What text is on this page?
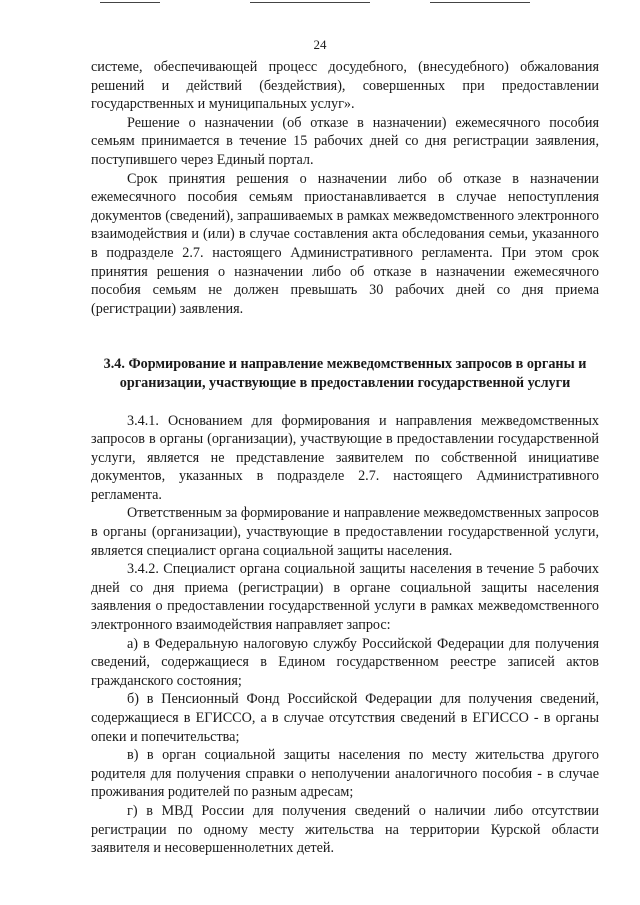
24

системе, обеспечивающей процесс досудебного, (внесудебного) обжалования решений и действий (бездействия), совершенных при предоставлении государственных и муниципальных услуг».

Решение о назначении (об отказе в назначении) ежемесячного пособия семьям принимается в течение 15 рабочих дней со дня регистрации заявления, поступившего через Единый портал.

Срок принятия решения о назначении либо об отказе в назначении ежемесячного пособия семьям приостанавливается в случае непоступления документов (сведений), запрашиваемых в рамках межведомственного электронного взаимодействия и (или) в случае составления акта обследования семьи, указанного в подразделе 2.7. настоящего Административного регламента. При этом срок принятия решения о назначении либо об отказе в назначении ежемесячного пособия семьям не должен превышать 30 рабочих дней со дня приема (регистрации) заявления.

3.4. Формирование и направление межведомственных запросов в органы и организации, участвующие в предоставлении государственной услуги

3.4.1. Основанием для формирования и направления межведомственных запросов в органы (организации), участвующие в предоставлении государственной услуги, является не представление заявителем по собственной инициативе документов, указанных в подразделе 2.7. настоящего Административного регламента.

Ответственным за формирование и направление межведомственных запросов в органы (организации), участвующие в предоставлении государственной услуги, является специалист органа социальной защиты населения.

3.4.2. Специалист органа социальной защиты населения в течение 5 рабочих дней со дня приема (регистрации) в органе социальной защиты населения заявления о предоставлении государственной услуги в рамках межведомственного электронного взаимодействия направляет запрос:

а) в Федеральную налоговую службу Российской Федерации для получения сведений, содержащиеся в Едином государственном реестре записей актов гражданского состояния;

б) в Пенсионный Фонд Российской Федерации для получения сведений, содержащиеся в ЕГИССО, а в случае отсутствия сведений в ЕГИССО - в органы опеки и попечительства;

в) в орган социальной защиты населения по месту жительства другого родителя для получения справки о неполучении аналогичного пособия - в случае проживания родителей по разным адресам;

г) в МВД России для получения сведений о наличии либо отсутствии регистрации по одному месту жительства на территории Курской области заявителя и несовершеннолетних детей.
